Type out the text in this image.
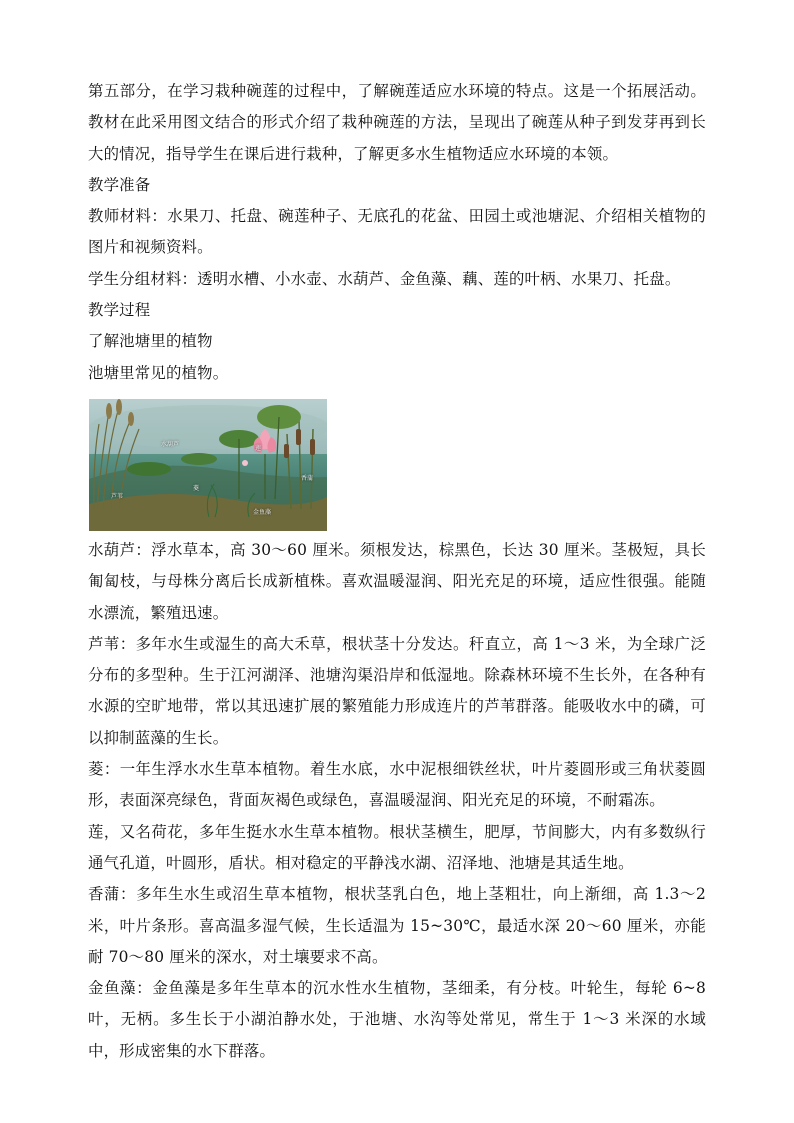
第五部分，在学习栽种碗莲的过程中，了解碗莲适应水环境的特点。这是一个拓展活动。教材在此采用图文结合的形式介绍了栽种碗莲的方法，呈现出了碗莲从种子到发芽再到长大的情况，指导学生在课后进行栽种，了解更多水生植物适应水环境的本领。

教学准备

教师材料：水果刀、托盘、碗莲种子、无底孔的花盆、田园土或池塘泥、介绍相关植物的图片和视频资料。

学生分组材料：透明水槽、小水壶、水葫芦、金鱼藻、藕、莲的叶柄、水果刀、托盘。

教学过程

了解池塘里的植物

池塘里常见的植物。

水葫芦
莲
香蒲
芦苇
菱
金鱼藻

水葫芦：浮水草本，高 30～60 厘米。须根发达，棕黑色，长达 30 厘米。茎极短，具长匍匐枝，与母株分离后长成新植株。喜欢温暖湿润、阳光充足的环境，适应性很强。能随水漂流，繁殖迅速。

芦苇：多年水生或湿生的高大禾草，根状茎十分发达。秆直立，高 1～3 米，为全球广泛分布的多型种。生于江河湖泽、池塘沟渠沿岸和低湿地。除森林环境不生长外，在各种有水源的空旷地带，常以其迅速扩展的繁殖能力形成连片的芦苇群落。能吸收水中的磷，可以抑制蓝藻的生长。

菱：一年生浮水水生草本植物。着生水底，水中泥根细铁丝状，叶片菱圆形或三角状菱圆形，表面深亮绿色，背面灰褐色或绿色，喜温暖湿润、阳光充足的环境，不耐霜冻。

莲，又名荷花，多年生挺水水生草本植物。根状茎横生，肥厚，节间膨大，内有多数纵行通气孔道，叶圆形，盾状。相对稳定的平静浅水湖、沼泽地、池塘是其适生地。

香蒲：多年生水生或沼生草本植物，根状茎乳白色，地上茎粗壮，向上渐细，高 1.3～2 米，叶片条形。喜高温多湿气候，生长适温为 15~30℃，最适水深 20～60 厘米，亦能耐 70～80 厘米的深水，对土壤要求不高。

金鱼藻：金鱼藻是多年生草本的沉水性水生植物，茎细柔，有分枝。叶轮生，每轮 6~8 叶，无柄。多生长于小湖泊静水处，于池塘、水沟等处常见，常生于 1～3 米深的水域中，形成密集的水下群落。
